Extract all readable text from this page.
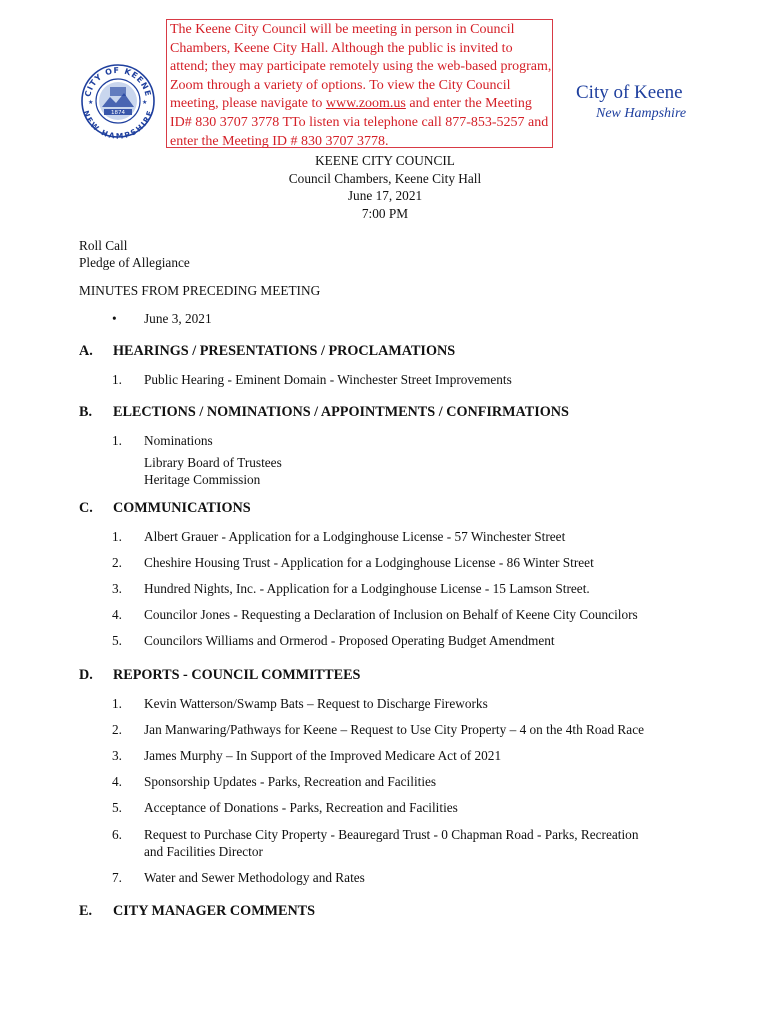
CITY OF KEENE
NEW HAMPSHIRE
1874
★	★
The Keene City Council will be meeting in person in Council Chambers, Keene City Hall. Although the public is invited to attend; they may participate remotely using the web-based program, Zoom through a variety of options. To view the City Council meeting, please navigate to www.zoom.us and enter the Meeting ID# 830 3707 3778 TTo listen via telephone call 877-853-5257 and enter the Meeting ID # 830 3707 3778.
City of Keene
New Hampshire
KEENE CITY COUNCIL
Council Chambers, Keene City Hall
June 17, 2021
7:00 PM
Roll Call
Pledge of Allegiance
MINUTES FROM PRECEDING MEETING
• June 3, 2021
A. HEARINGS / PRESENTATIONS / PROCLAMATIONS
1. Public Hearing - Eminent Domain - Winchester Street Improvements
B. ELECTIONS / NOMINATIONS / APPOINTMENTS / CONFIRMATIONS
1. Nominations
Library Board of Trustees
Heritage Commission
C. COMMUNICATIONS
1. Albert Grauer - Application for a Lodginghouse License - 57 Winchester Street
2. Cheshire Housing Trust - Application for a Lodginghouse License - 86 Winter Street
3. Hundred Nights, Inc. - Application for a Lodginghouse License - 15 Lamson Street.
4. Councilor Jones - Requesting a Declaration of Inclusion on Behalf of Keene City Councilors
5. Councilors Williams and Ormerod - Proposed Operating Budget Amendment
D. REPORTS - COUNCIL COMMITTEES
1. Kevin Watterson/Swamp Bats – Request to Discharge Fireworks
2. Jan Manwaring/Pathways for Keene – Request to Use City Property – 4 on the 4th Road Race
3. James Murphy – In Support of the Improved Medicare Act of 2021
4. Sponsorship Updates - Parks, Recreation and Facilities
5. Acceptance of Donations - Parks, Recreation and Facilities
6. Request to Purchase City Property - Beauregard Trust - 0 Chapman Road - Parks, Recreation
and Facilities Director
7. Water and Sewer Methodology and Rates
E. CITY MANAGER COMMENTS
